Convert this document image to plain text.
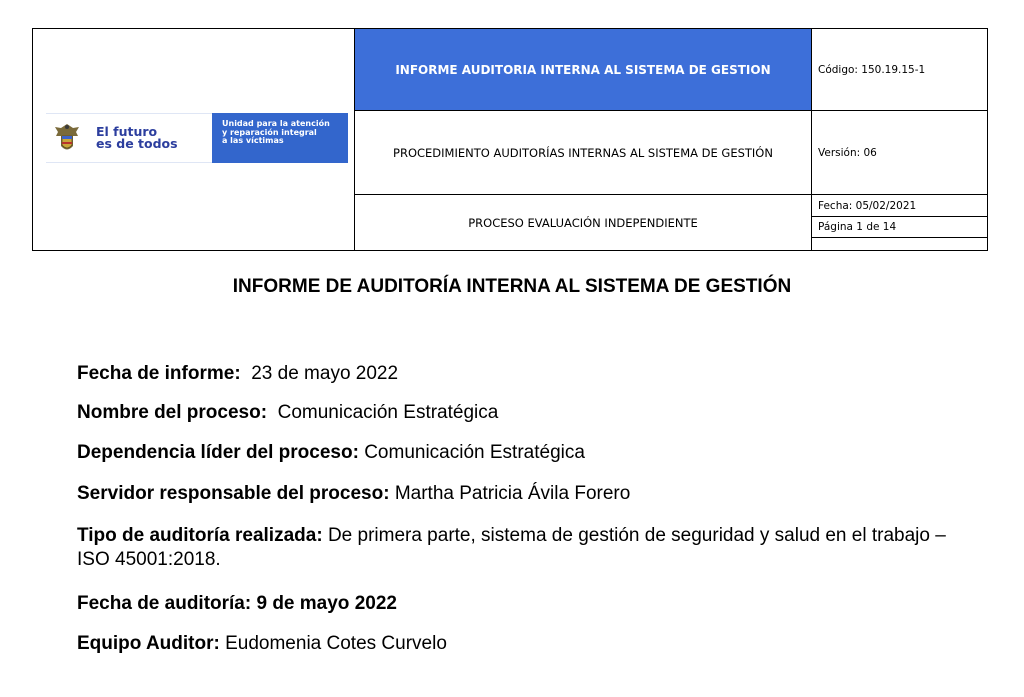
El futuro
es de todos
Unidad para la atención
y reparación integral
a las víctimas
INFORME AUDITORIA INTERNA AL SISTEMA DE GESTION
PROCEDIMIENTO AUDITORÍAS INTERNAS AL SISTEMA DE GESTIÓN
PROCESO EVALUACIÓN INDEPENDIENTE
Código: 150.19.15-1
Versión: 06
Fecha: 05/02/2021
Página 1 de 14
INFORME DE AUDITORÍA INTERNA AL SISTEMA DE GESTIÓN
Fecha de informe: 23 de mayo 2022
Nombre del proceso: Comunicación Estratégica
Dependencia líder del proceso: Comunicación Estratégica
Servidor responsable del proceso: Martha Patricia Ávila Forero
Tipo de auditoría realizada: De primera parte, sistema de gestión de seguridad y salud en el trabajo – ISO 45001:2018.
Fecha de auditoría: 9 de mayo 2022
Equipo Auditor: Eudomenia Cotes Curvelo
